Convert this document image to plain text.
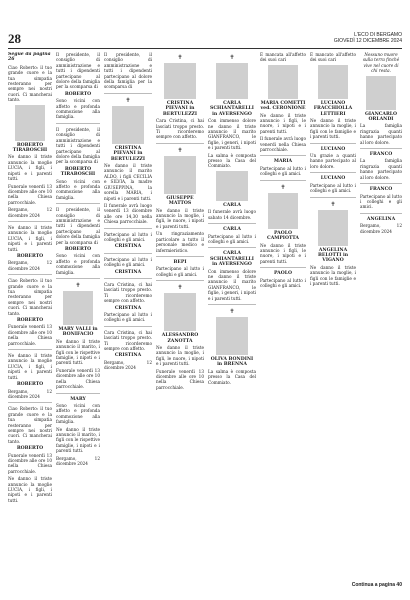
28	L'ECO DI BERGAMO
GIOVEDÌ 12 DICEMBRE 2024
Segue da pagina 26

Ciao Roberto: il tuo grande cuore e la tua simpatia resteranno per sempre nei nostri cuori. Ci mancherai tanto.

ROBERTO TIRABOSCHI

Ne danno il triste annuncio la moglie LUCIA, i figli, i nipoti e i parenti tutti.

Funerale venerdì 13 dicembre alle ore 10 nella Chiesa parrocchiale.

Bergamo, 12 dicembre 2024

Ne danno il triste annuncio la moglie LUCIA, i figli, i nipoti e i parenti tutti.

ROBERTO

Bergamo, 12 dicembre 2024

Ciao Roberto: il tuo grande cuore e la tua simpatia resteranno per sempre nei nostri cuori. Ci mancherai tanto.

ROBERTO

Funerale venerdì 13 dicembre alle ore 10 nella Chiesa parrocchiale.

Ne danno il triste annuncio la moglie LUCIA, i figli, i nipoti e i parenti tutti.

ROBERTO

Bergamo, 12 dicembre 2024

Ciao Roberto: il tuo grande cuore e la tua simpatia resteranno per sempre nei nostri cuori. Ci mancherai tanto.

ROBERTO

Funerale venerdì 13 dicembre alle ore 10 nella Chiesa parrocchiale.

Ne danno il triste annuncio la moglie LUCIA, i figli, i nipoti e i parenti tutti.

Il presidente, il consiglio di amministrazione e tutti i dipendenti partecipano al dolore della famiglia per la scomparsa di

ROBERTO

Sono vicini con affetto e profonda commozione alla famiglia.

Il presidente, il consiglio di amministrazione e tutti i dipendenti partecipano al dolore della famiglia per la scomparsa di

ROBERTO TIRABOSCHI

Sono vicini con affetto e profonda commozione alla famiglia.

Il presidente, il consiglio di amministrazione e tutti i dipendenti partecipano al dolore della famiglia per la scomparsa di

ROBERTO

Sono vicini con affetto e profonda commozione alla famiglia.

✝
MARY VALLI in BONIFACIO

Ne danno il triste annuncio il marito, i figli con le rispettive famiglie, i nipoti e i parenti tutti.

Funerale venerdì 13 dicembre alle ore 10 nella Chiesa parrocchiale.

MARY

Sono vicini con affetto e profonda commozione alla famiglia.

Ne danno il triste annuncio il marito, i figli con le rispettive famiglie, i nipoti e i parenti tutti.

Bergamo, 12 dicembre 2024

Il presidente, il consiglio di amministrazione e tutti i dipendenti partecipano al dolore della famiglia per la scomparsa di

✝
CRISTINA PIEVANI in BERTULEZZI

Ne danno il triste annuncio il marito ALDO, i figli CECILIA e SILVIA, la madre GIUSEPPINA, la sorella MARIA, i nipoti e i parenti tutti.

Il funerale avrà luogo venerdì 13 dicembre alle ore 14,30 nella Chiesa parrocchiale.

Partecipano al lutto i colleghi e gli amici.

CRISTINA

Partecipano al lutto i colleghi e gli amici.

CRISTINA

Cara Cristina, ci hai lasciati troppo presto. Ti ricorderemo sempre con affetto.

CRISTINA

Partecipano al lutto i colleghi e gli amici.

Cara Cristina, ci hai lasciati troppo presto. Ti ricorderemo sempre con affetto.

CRISTINA

Bergamo, 12 dicembre 2024

✝
CRISTINA PIEVANI in BERTULEZZI

Cara Cristina, ci hai lasciati troppo presto. Ti ricorderemo sempre con affetto.

✝
GIUSEPPE MATTOS

Ne danno il triste annuncio la moglie, i figli, le nuore, i nipoti e i parenti tutti.

Un ringraziamento particolare a tutto il personale medico e infermieristico.

BEPI

Partecipano al lutto i colleghi e gli amici.

✝
ALESSANDRO ZANOTTA

Ne danno il triste annuncio la moglie, i figli, le nuore, i nipoti e i parenti tutti.

Funerale venerdì 13 dicembre alle ore 10 nella Chiesa parrocchiale.

✝
CARLA SCHIANTARELLI in AVERSENGO

Con immenso dolore ne danno il triste annuncio il marito GIANFRANCO, le figlie, i generi, i nipoti e i parenti tutti.

La salma è composta presso la Casa del Commiato.

CARLA

Il funerale avrà luogo sabato 14 dicembre.

CARLA

Partecipano al lutto i colleghi e gli amici.

CARLA SCHIANTARELLI in AVERSENGO

Con immenso dolore ne danno il triste annuncio il marito GIANFRANCO, le figlie, i generi, i nipoti e i parenti tutti.

✝
OLIVA BONDINI in BRENNA

La salma è composta presso la Casa del Commiato.

È mancata all'affetto dei suoi cari

MARIA COMETTI ved. CERONIONE

Ne danno il triste annuncio i figli, le nuore, i nipoti e i parenti tutti.

Il funerale avrà luogo venerdì nella Chiesa parrocchiale.

MARIA

Partecipano al lutto i colleghi e gli amici.

✝
PAOLO CAMPIOTTA

Ne danno il triste annuncio i figli, le nuore, i nipoti e i parenti tutti.

PAOLO

Partecipano al lutto i colleghi e gli amici.

È mancato all'affetto dei suoi cari

LUCIANO FRACCHIOLLA LETTIERI

Ne danno il triste annuncio la moglie, i figli con le famiglie e i parenti tutti.

LUCIANO

Un grazie a quanti hanno partecipato al loro dolore.

LUCIANO

Partecipano al lutto i colleghi e gli amici.

✝
ANGELINA BELOTTI in VIGANO

Ne danno il triste annuncio la moglie, i figli con le famiglie e i parenti tutti.

Nessuno muore sulla terra finché vive nel cuore di chi resta.

GIANCARLO ORLANDI

La famiglia ringrazia quanti hanno partecipato al loro dolore.

FRANCO

La famiglia ringrazia quanti hanno partecipato al loro dolore.

FRANCO

Partecipano al lutto i colleghi e gli amici.

ANGELINA

Bergamo, 12 dicembre 2024

Continua a pagina 40
